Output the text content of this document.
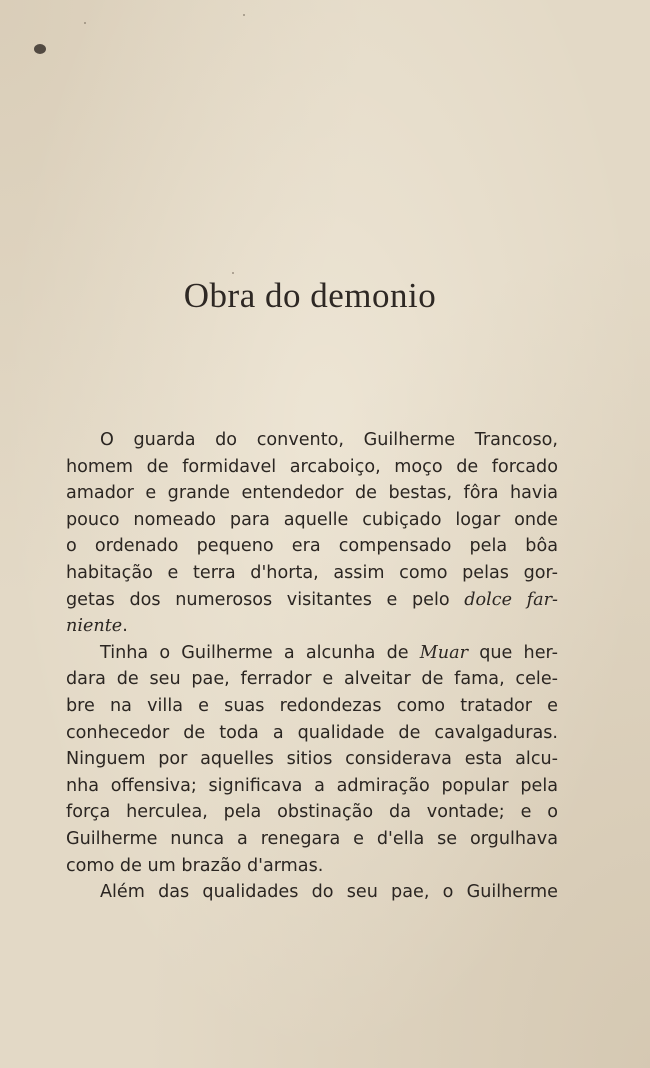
Obra do demonio
O guarda do convento, Guilherme Trancoso,
homem de formidavel arcaboiço, moço de forcado
amador e grande entendedor de bestas, fôra havia
pouco nomeado para aquelle cubiçado logar onde
o ordenado pequeno era compensado pela bôa
habitação e terra d'horta, assim como pelas gor-
getas dos numerosos visitantes e pelo dolce far-
niente.
Tinha o Guilherme a alcunha de Muar que her-
dara de seu pae, ferrador e alveitar de fama, cele-
bre na villa e suas redondezas como tratador e
conhecedor de toda a qualidade de cavalgaduras.
Ninguem por aquelles sitios considerava esta alcu-
nha offensiva; significava a admiração popular pela
força herculea, pela obstinação da vontade; e o
Guilherme nunca a renegara e d'ella se orgulhava
como de um brazão d'armas.
Além das qualidades do seu pae, o Guilherme
